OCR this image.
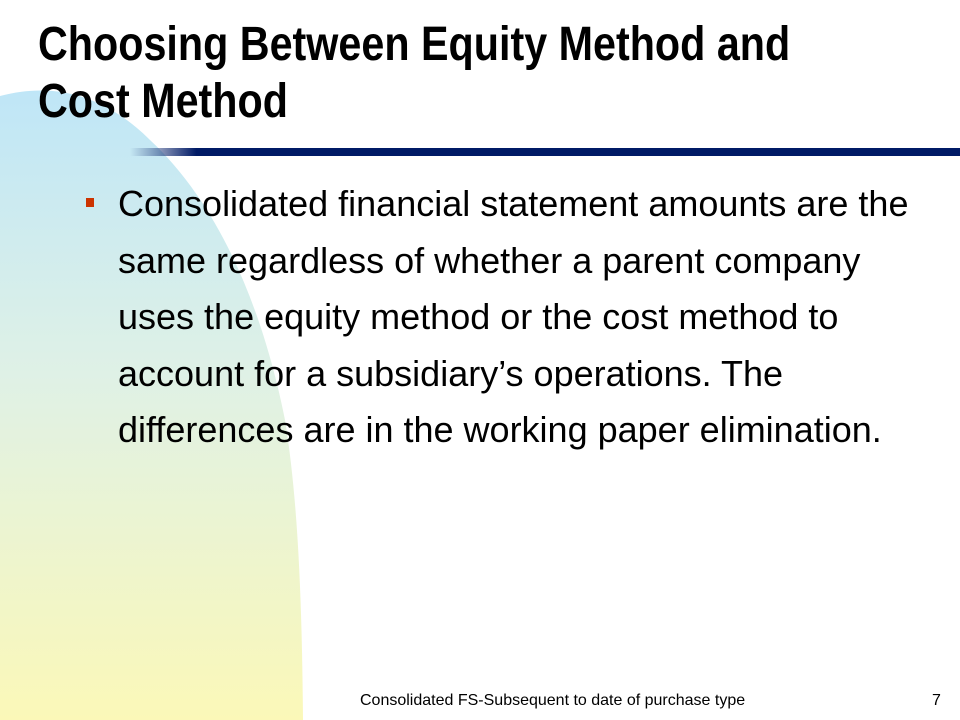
Choosing Between Equity Method and Cost Method

Consolidated financial statement amounts are the same regardless of whether a parent company uses the equity method or the cost method to account for a subsidiary’s operations. The differences are in the working paper elimination.

Consolidated FS-Subsequent to date of purchase type	7
